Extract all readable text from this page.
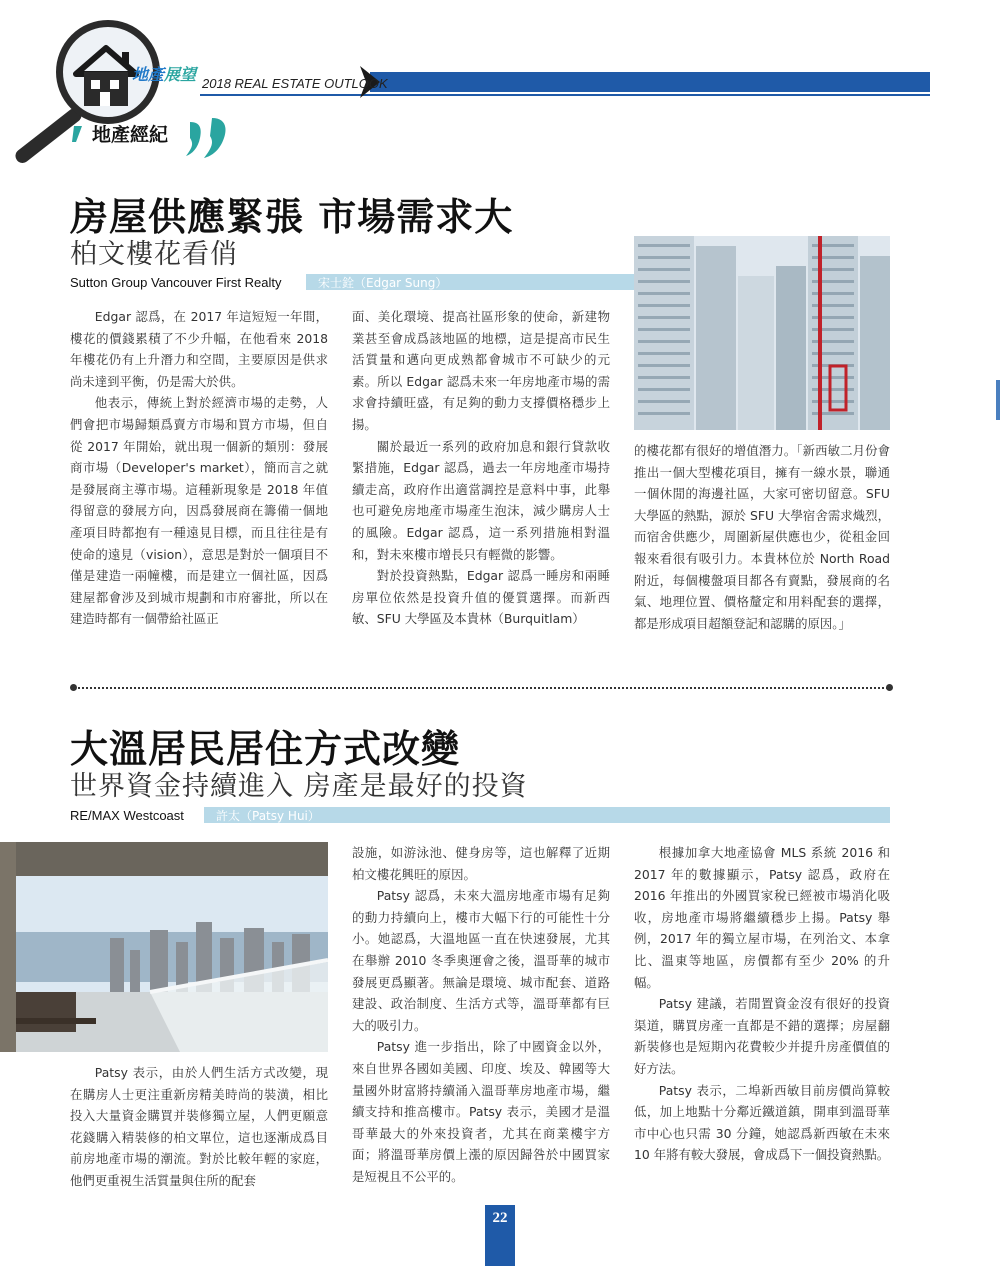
地產 展望 2018 REAL ESTATE OUTLOOK
地產經紀
房屋供應緊張 市場需求大
柏文樓花看俏
Sutton Group Vancouver First Realty	宋士銓（Edgar Sung）

Edgar 認爲，在 2017 年這短短一年間，樓花的價錢累積了不少升幅，在他看來 2018 年樓花仍有上升潛力和空間，主要原因是供求尚未達到平衡，仍是需大於供。

他表示，傳統上對於經濟市場的走勢，人們會把市場歸類爲賣方市場和買方市場，但自從 2017 年開始，就出現一個新的類別：發展商市場（Developer's market），簡而言之就是發展商主導市場。這種新現象是 2018 年值得留意的發展方向，因爲發展商在籌備一個地產項目時都抱有一種遠見目標，而且往往是有使命的遠見（vision），意思是對於一個項目不僅是建造一兩幢樓，而是建立一個社區，因爲建屋都會涉及到城市規劃和市府審批，所以在建造時都有一個帶給社區正

面、美化環境、提高社區形象的使命，新建物業甚至會成爲該地區的地標，這是提高市民生活質量和邁向更成熟都會城市不可缺少的元素。所以 Edgar 認爲未來一年房地產市場的需求會持續旺盛，有足夠的動力支撐價格穩步上揚。

關於最近一系列的政府加息和銀行貸款收緊措施，Edgar 認爲，過去一年房地產市場持續走高，政府作出適當調控是意料中事，此舉也可避免房地產市場產生泡沫，減少購房人士的風險。Edgar 認爲，這一系列措施相對溫和，對未來樓市增長只有輕微的影響。

對於投資熱點，Edgar 認爲一睡房和兩睡房單位依然是投資升值的優質選擇。而新西敏、SFU 大學區及本貴林（Burquitlam）

的樓花都有很好的增值潛力。「新西敏二月份會推出一個大型樓花項目，擁有一線水景，聯通一個休閒的海邊社區，大家可密切留意。SFU 大學區的熱點，源於 SFU 大學宿舍需求熾烈，而宿舍供應少，周圍新屋供應也少，從租金回報來看很有吸引力。本貴林位於 North Road 附近，每個樓盤項目都各有賣點，發展商的名氣、地理位置、價格釐定和用料配套的選擇，都是形成項目超額登記和認購的原因。」

大溫居民居住方式改變
世界資金持續進入 房產是最好的投資
RE/MAX Westcoast	許太（Patsy Hui）

Patsy 表示，由於人們生活方式改變，現在購房人士更注重新房精美時尚的裝潢，相比投入大量資金購買并裝修獨立屋，人們更願意花錢購入精裝修的柏文單位，這也逐漸成爲目前房地產市場的潮流。對於比較年輕的家庭，他們更重視生活質量與住所的配套

設施，如游泳池、健身房等，這也解釋了近期柏文樓花興旺的原因。

Patsy 認爲，未來大溫房地產市場有足夠的動力持續向上，樓市大幅下行的可能性十分小。她認爲，大溫地區一直在快速發展，尤其在舉辦 2010 冬季奧運會之後，溫哥華的城市發展更爲顯著。無論是環境、城市配套、道路建設、政治制度、生活方式等，溫哥華都有巨大的吸引力。

Patsy 進一步指出，除了中國資金以外，來自世界各國如美國、印度、埃及、韓國等大量國外財富將持續涌入溫哥華房地產市場，繼續支持和推高樓市。Patsy 表示，美國才是溫哥華最大的外來投資者，尤其在商業樓宇方面；將溫哥華房價上漲的原因歸咎於中國買家是短視且不公平的。

根據加拿大地產協會 MLS 系統 2016 和 2017 年的數據顯示，Patsy 認爲，政府在 2016 年推出的外國買家稅已經被市場消化吸收，房地產市場將繼續穩步上揚。Patsy 舉例，2017 年的獨立屋市場，在列治文、本拿比、溫東等地區，房價都有至少 20% 的升幅。

Patsy 建議，若閒置資金沒有很好的投資渠道，購買房產一直都是不錯的選擇；房屋翻新裝修也是短期內花費較少并提升房產價值的好方法。

Patsy 表示，二埠新西敏目前房價尚算較低，加上地點十分鄰近鐵道鎮，開車到溫哥華市中心也只需 30 分鐘，她認爲新西敏在未來 10 年將有較大發展，會成爲下一個投資熱點。

22
